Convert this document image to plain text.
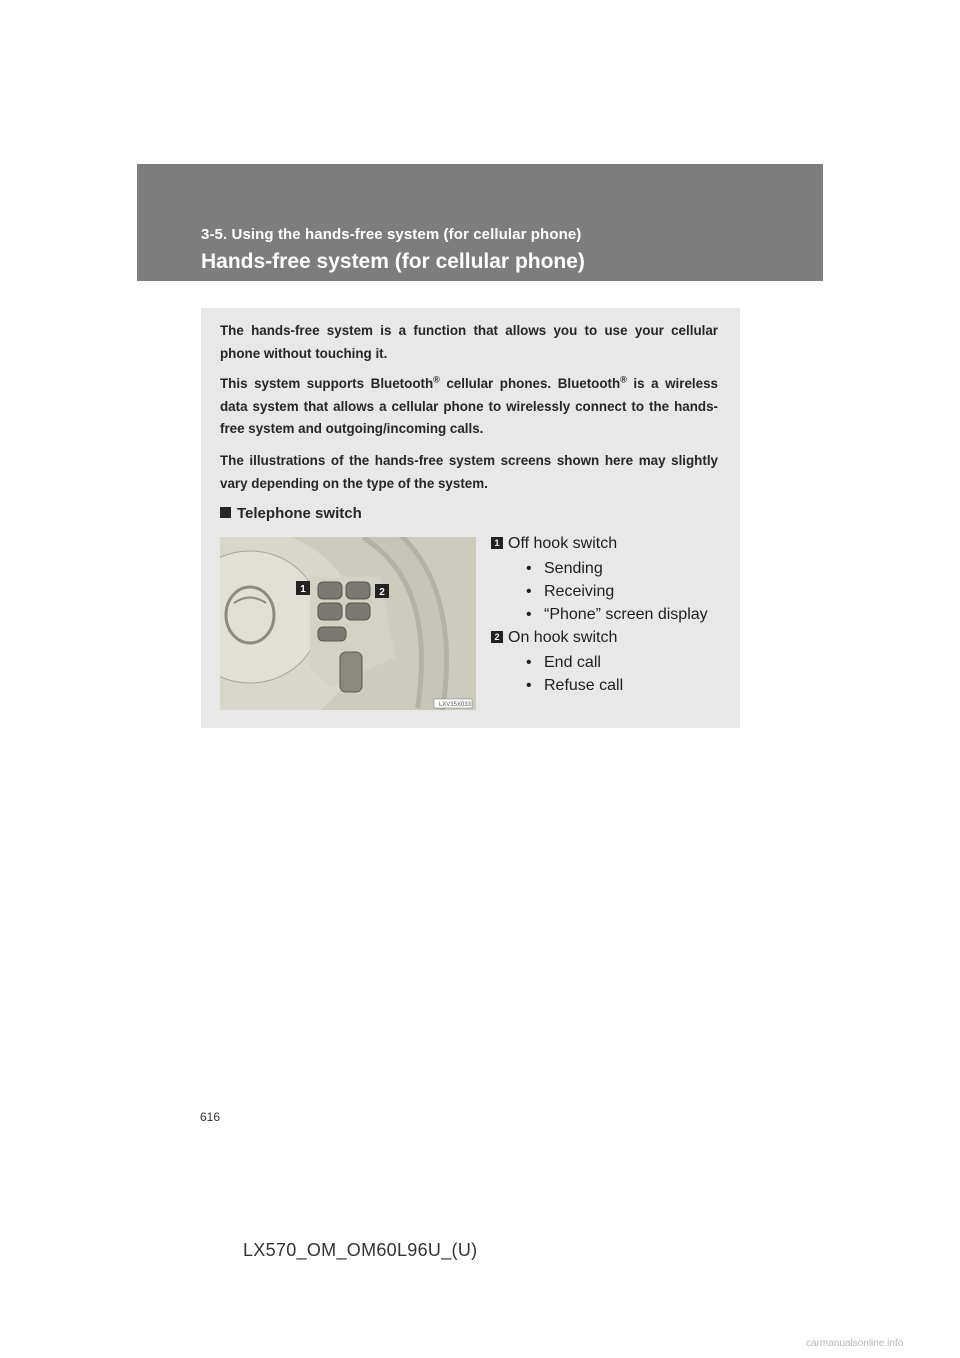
3-5. Using the hands-free system (for cellular phone)
Hands-free system (for cellular phone)

The hands-free system is a function that allows you to use your cellular phone without touching it.

This system supports Bluetooth® cellular phones. Bluetooth® is a wireless data system that allows a cellular phone to wirelessly connect to the hands-free system and outgoing/incoming calls.

The illustrations of the hands-free system screens shown here may slightly vary depending on the type of the system.

Telephone switch
1	2
LXV35X033
1 Off hook switch
• Sending
• Receiving
• “Phone” screen display
2 On hook switch
• End call
• Refuse call
616
LX570_OM_OM60L96U_(U)
carmanualsonline.info
